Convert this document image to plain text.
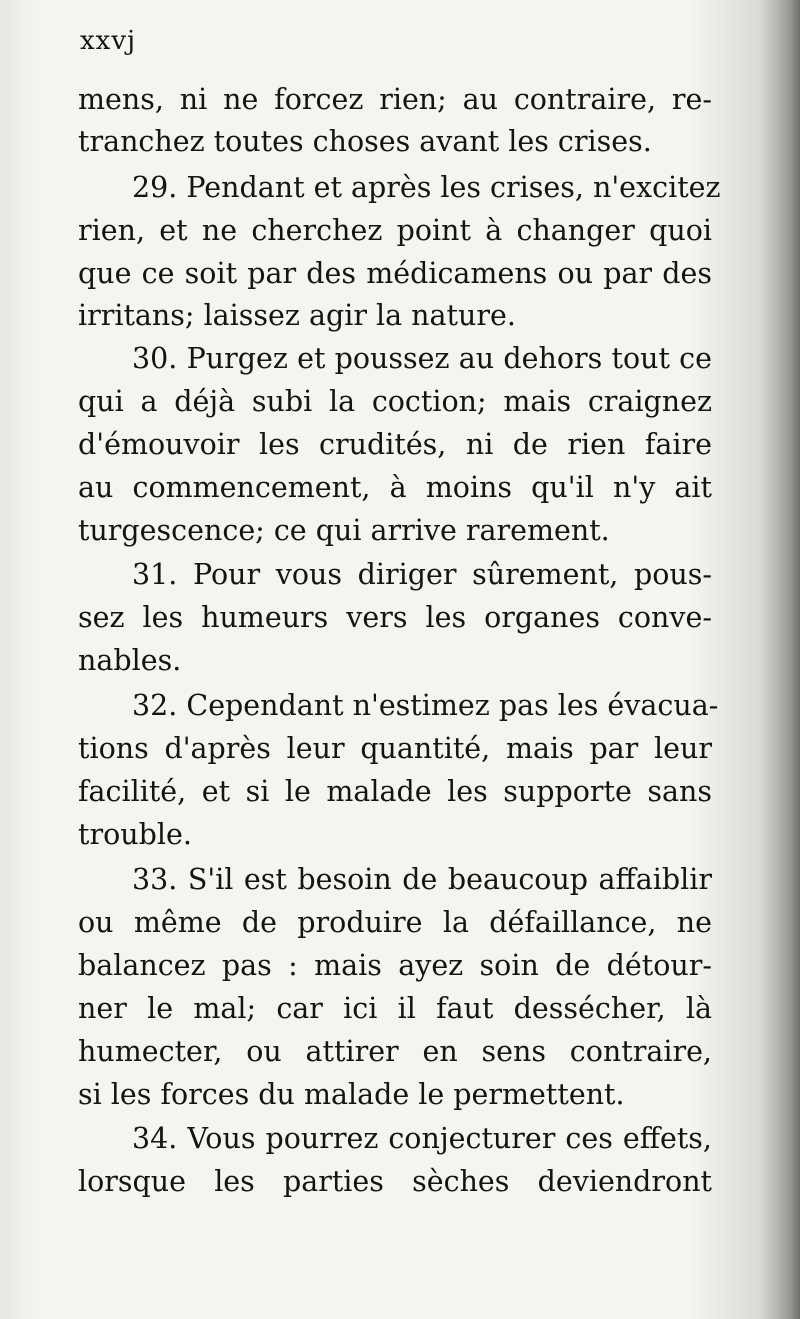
xxvj
mens, ni ne forcez rien; au contraire, re-
tranchez toutes choses avant les crises.
29. Pendant et après les crises, n'excitez
rien, et ne cherchez point à changer quoi
que ce soit par des médicamens ou par des
irritans; laissez agir la nature.
30. Purgez et poussez au dehors tout ce
qui a déjà subi la coction; mais craignez
d'émouvoir les crudités, ni de rien faire
au commencement, à moins qu'il n'y ait
turgescence; ce qui arrive rarement.
31. Pour vous diriger sûrement, pous-
sez les humeurs vers les organes conve-
nables.
32. Cependant n'estimez pas les évacua-
tions d'après leur quantité, mais par leur
facilité, et si le malade les supporte sans
trouble.
33. S'il est besoin de beaucoup affaiblir
ou même de produire la défaillance, ne
balancez pas : mais ayez soin de détour-
ner le mal; car ici il faut dessécher, là
humecter, ou attirer en sens contraire,
si les forces du malade le permettent.
34. Vous pourrez conjecturer ces effets,
lorsque les parties sèches deviendront
